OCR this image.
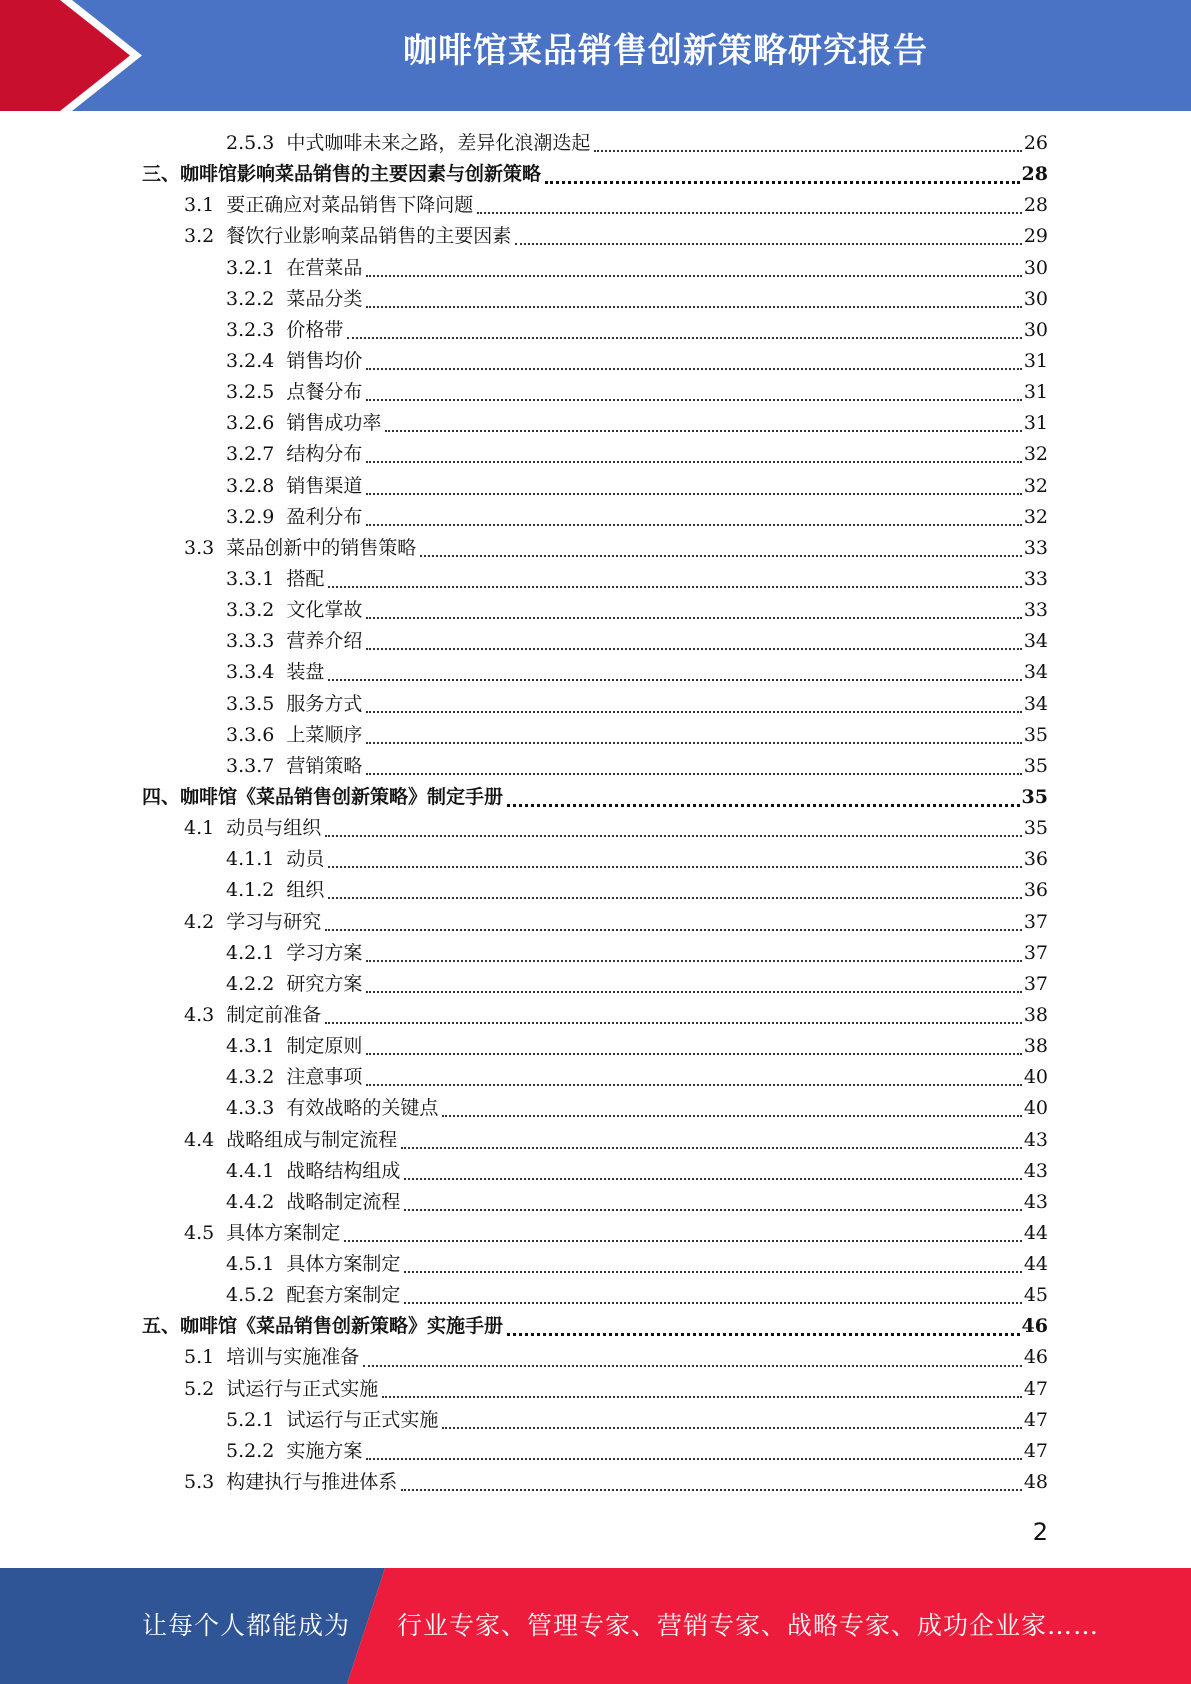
咖啡馆菜品销售创新策略研究报告
2.5.3 中式咖啡未来之路，差异化浪潮迭起	26
三、咖啡馆影响菜品销售的主要因素与创新策略	28
3.1 要正确应对菜品销售下降问题	28
3.2 餐饮行业影响菜品销售的主要因素	29
3.2.1 在营菜品	30
3.2.2 菜品分类	30
3.2.3 价格带	30
3.2.4 销售均价	31
3.2.5 点餐分布	31
3.2.6 销售成功率	31
3.2.7 结构分布	32
3.2.8 销售渠道	32
3.2.9 盈利分布	32
3.3 菜品创新中的销售策略	33
3.3.1 搭配	33
3.3.2 文化掌故	33
3.3.3 营养介绍	34
3.3.4 装盘	34
3.3.5 服务方式	34
3.3.6 上菜顺序	35
3.3.7 营销策略	35
四、咖啡馆《菜品销售创新策略》制定手册	35
4.1 动员与组织	35
4.1.1 动员	36
4.1.2 组织	36
4.2 学习与研究	37
4.2.1 学习方案	37
4.2.2 研究方案	37
4.3 制定前准备	38
4.3.1 制定原则	38
4.3.2 注意事项	40
4.3.3 有效战略的关键点	40
4.4 战略组成与制定流程	43
4.4.1 战略结构组成	43
4.4.2 战略制定流程	43
4.5 具体方案制定	44
4.5.1 具体方案制定	44
4.5.2 配套方案制定	45
五、咖啡馆《菜品销售创新策略》实施手册	46
5.1 培训与实施准备	46
5.2 试运行与正式实施	47
5.2.1 试运行与正式实施	47
5.2.2 实施方案	47
5.3 构建执行与推进体系	48
2
让每个人都能成为 行业专家、管理专家、营销专家、战略专家、成功企业家……
